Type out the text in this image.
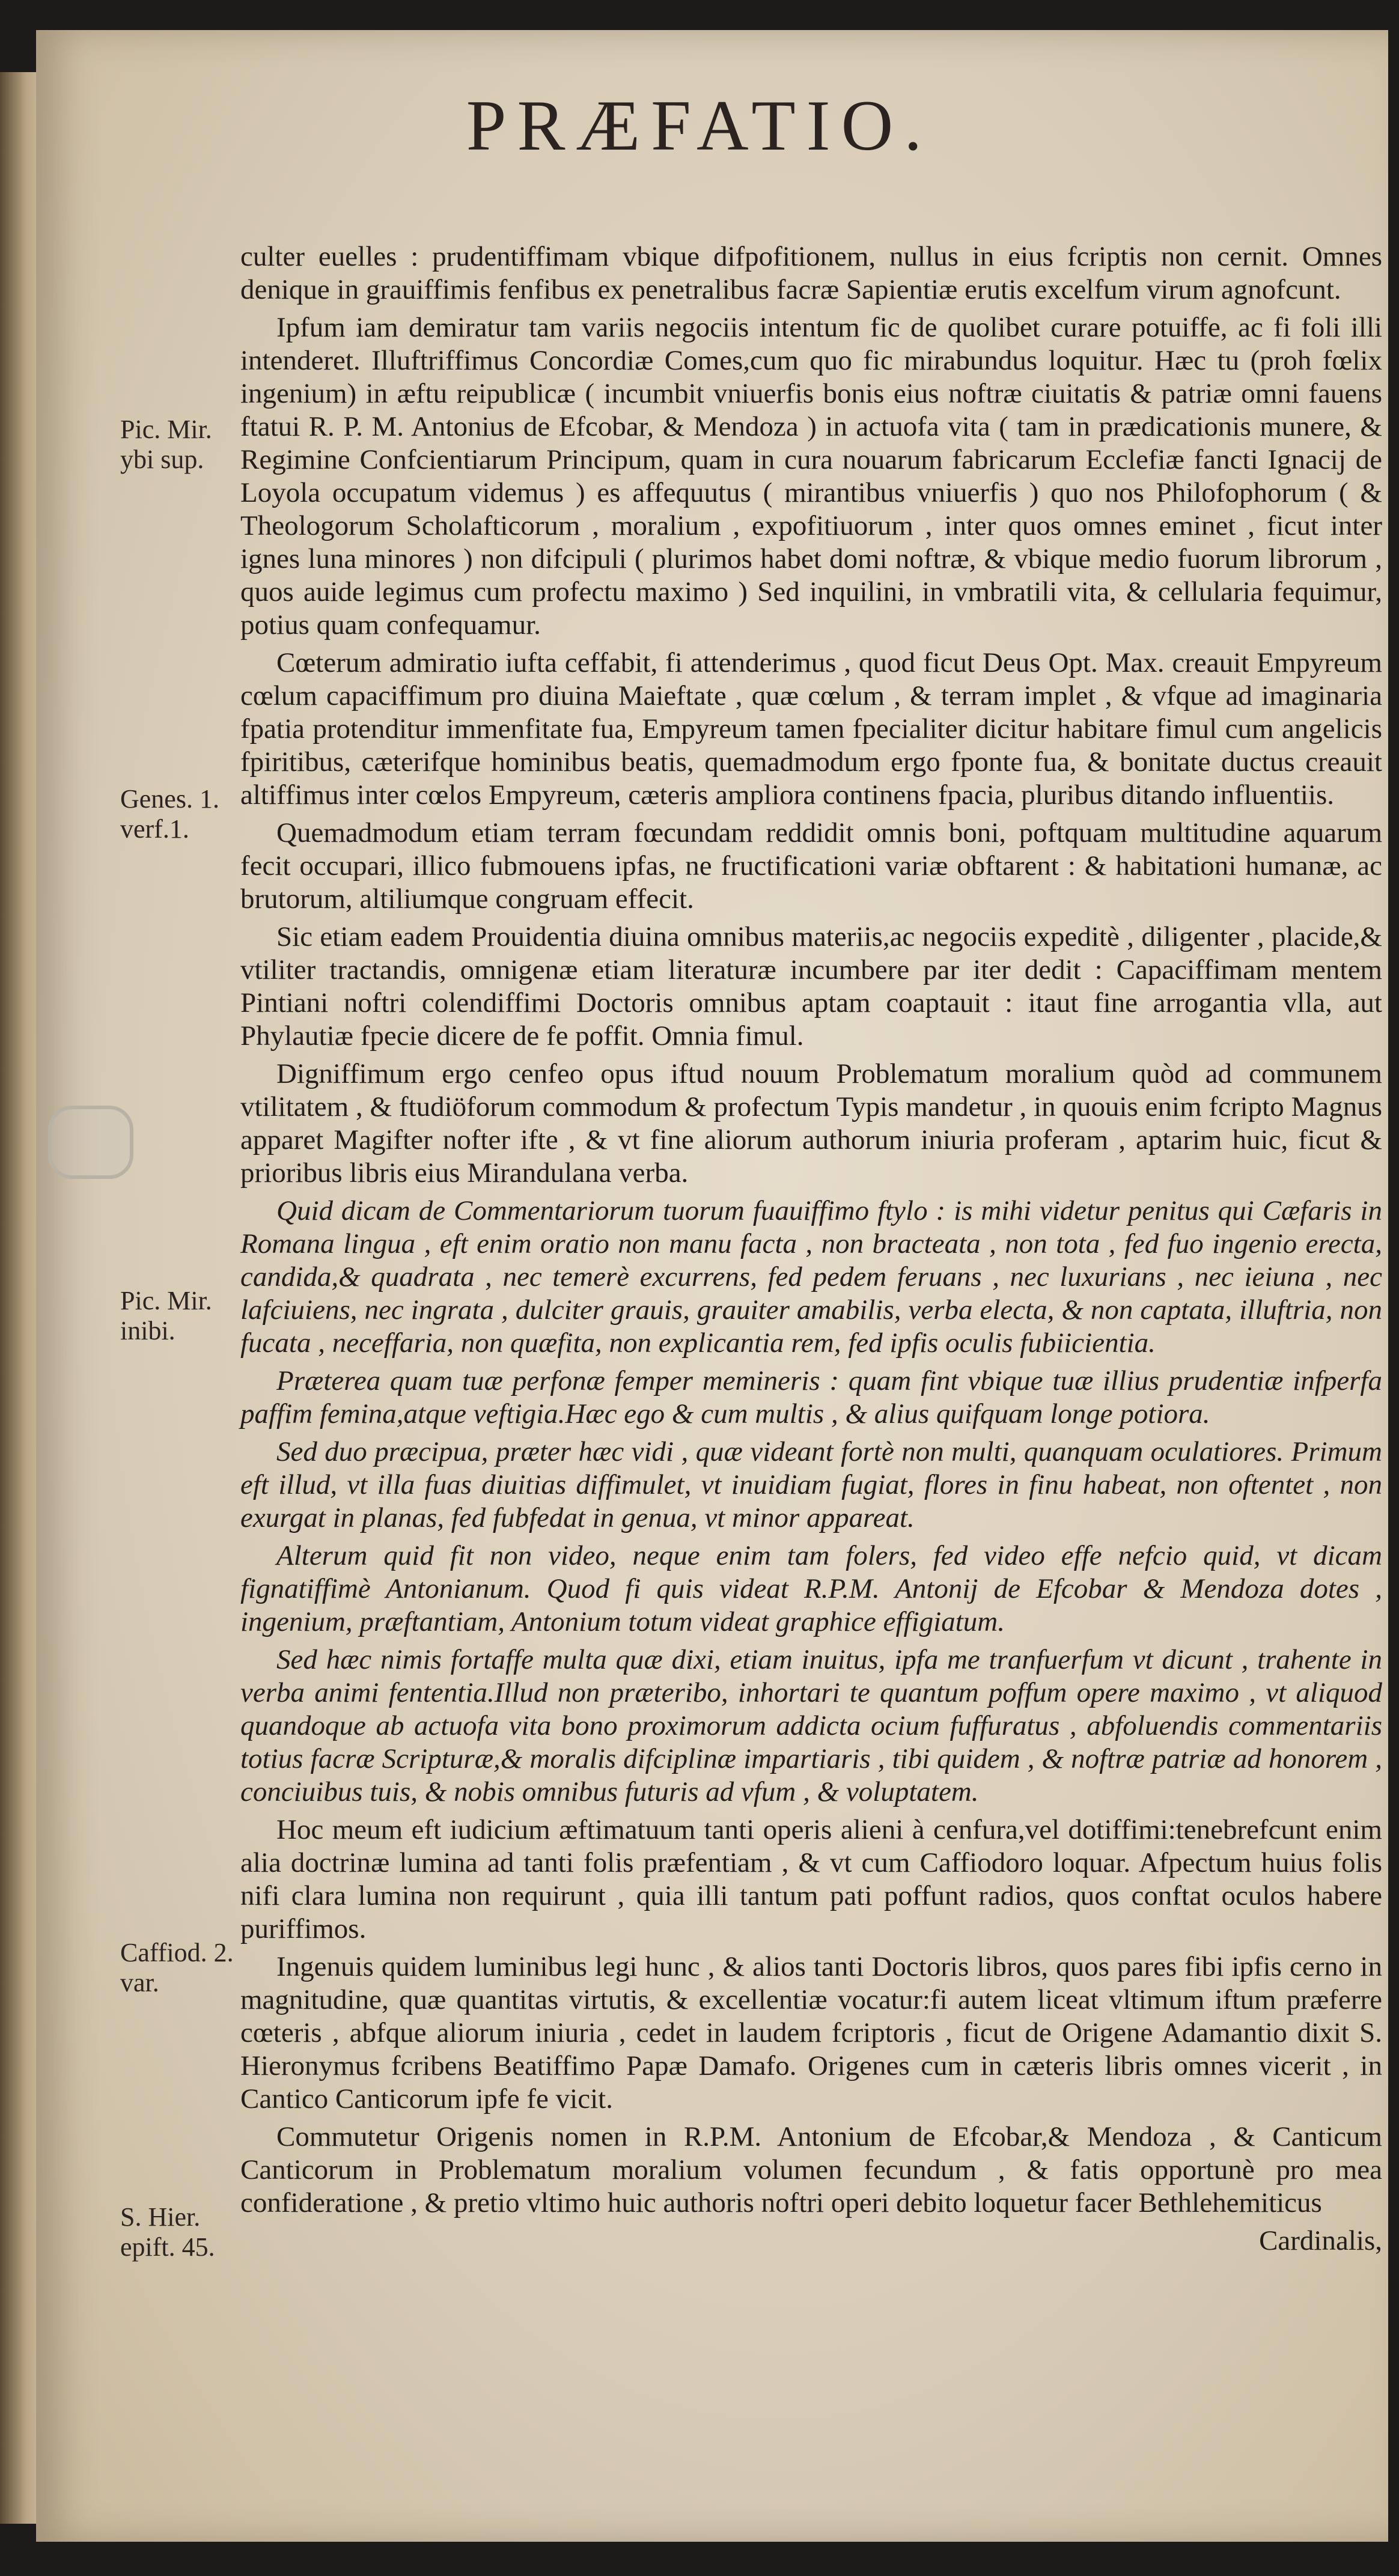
PRÆFATIO.
Pic. Mir. ybi sup.
Genes. 1. verf.1.
Pic. Mir. inibi.
Caffiod. 2. var.
S. Hier. epift. 45.

culter euelles : prudentiffimam vbique difpofitionem, nullus in eius fcriptis non cernit. Omnes denique in grauiffimis fenfibus ex penetralibus facræ Sapientiæ erutis excelfum virum agnofcunt.

Ipfum iam demiratur tam variis negociis intentum fic de quolibet curare potuiffe, ac fi foli illi intenderet. Illuftriffimus Concordiæ Comes,cum quo fic mirabundus loquitur. Hæc tu (proh fœlix ingenium) in æftu reipublicæ ( incumbit vniuerfis bonis eius noftræ ciuitatis & patriæ omni fauens ftatui R. P. M. Antonius de Efcobar, & Mendoza ) in actuofa vita ( tam in prædicationis munere, & Regimine Confcientiarum Principum, quam in cura nouarum fabricarum Ecclefiæ fancti Ignacij de Loyola occupatum videmus ) es affequutus ( mirantibus vniuerfis ) quo nos Philofophorum ( & Theologorum Scholafticorum , moralium , expofitiuorum , inter quos omnes eminet , ficut inter ignes luna minores ) non difcipuli ( plurimos habet domi noftræ, & vbique medio fuorum librorum , quos auide legimus cum profectu maximo ) Sed inquilini, in vmbratili vita, & cellularia fequimur, potius quam confequamur.

Cœterum admiratio iufta ceffabit, fi attenderimus , quod ficut Deus Opt. Max. creauit Empyreum cœlum capaciffimum pro diuina Maieftate , quæ cœlum , & terram implet , & vfque ad imaginaria fpatia protenditur immenfitate fua, Empyreum tamen fpecialiter dicitur habitare fimul cum angelicis fpiritibus, cæterifque hominibus beatis, quemadmodum ergo fponte fua, & bonitate ductus creauit altiffimus inter cœlos Empyreum, cæteris ampliora continens fpacia, pluribus ditando influentiis.

Quemadmodum etiam terram fœcundam reddidit omnis boni, poftquam multitudine aquarum fecit occupari, illico fubmouens ipfas, ne fructificationi variæ obftarent : & habitationi humanæ, ac brutorum, altiliumque congruam effecit.

Sic etiam eadem Prouidentia diuina omnibus materiis,ac negociis expeditè , diligenter , placide,& vtiliter tractandis, omnigenæ etiam literaturæ incumbere par iter dedit : Capaciffimam mentem Pintiani noftri colendiffimi Doctoris omnibus aptam coaptauit : itaut fine arrogantia vlla, aut Phylautiæ fpecie dicere de fe poffit. Omnia fimul.

Digniffimum ergo cenfeo opus iftud nouum Problematum moralium quòd ad communem vtilitatem , & ftudiöforum commodum & profectum Typis mandetur , in quouis enim fcripto Magnus apparet Magifter nofter ifte , & vt fine aliorum authorum iniuria proferam , aptarim huic, ficut & prioribus libris eius Mirandulana verba.

Quid dicam de Commentariorum tuorum fuauiffimo ftylo : is mihi videtur penitus qui Cæfaris in Romana lingua , eft enim oratio non manu facta , non bracteata , non tota , fed fuo ingenio erecta, candida,& quadrata , nec temerè excurrens, fed pedem feruans , nec luxurians , nec ieiuna , nec lafciuiens, nec ingrata , dulciter grauis, grauiter amabilis, verba electa, & non captata, illuftria, non fucata , neceffaria, non quæfita, non explicantia rem, fed ipfis oculis fubiicientia.

Præterea quam tuæ perfonæ femper memineris : quam fint vbique tuæ illius prudentiæ infperfa paffim femina,atque veftigia.Hæc ego & cum multis , & alius quifquam longe potiora.

Sed duo præcipua, præter hæc vidi , quæ videant fortè non multi, quanquam oculatiores. Primum eft illud, vt illa fuas diuitias diffimulet, vt inuidiam fugiat, flores in finu habeat, non oftentet , non exurgat in planas, fed fubfedat in genua, vt minor appareat.

Alterum quid fit non video, neque enim tam folers, fed video effe nefcio quid, vt dicam fignatiffimè Antonianum. Quod fi quis videat R.P.M. Antonij de Efcobar & Mendoza dotes , ingenium, præftantiam, Antonium totum videat graphice effigiatum.

Sed hæc nimis fortaffe multa quæ dixi, etiam inuitus, ipfa me tranfuerfum vt dicunt , trahente in verba animi fententia.Illud non præteribo, inhortari te quantum poffum opere maximo , vt aliquod quandoque ab actuofa vita bono proximorum addicta ocium fuffuratus , abfoluendis commentariis totius facræ Scripturæ,& moralis difciplinæ impartiaris , tibi quidem , & noftræ patriæ ad honorem , conciuibus tuis, & nobis omnibus futuris ad vfum , & voluptatem.

Hoc meum eft iudicium æftimatuum tanti operis alieni à cenfura,vel dotiffimi:tenebrefcunt enim alia doctrinæ lumina ad tanti folis præfentiam , & vt cum Caffiodoro loquar. Afpectum huius folis nifi clara lumina non requirunt , quia illi tantum pati poffunt radios, quos conftat oculos habere puriffimos.

Ingenuis quidem luminibus legi hunc , & alios tanti Doctoris libros, quos pares fibi ipfis cerno in magnitudine, quæ quantitas virtutis, & excellentiæ vocatur:fi autem liceat vltimum iftum præferre cœteris , abfque aliorum iniuria , cedet in laudem fcriptoris , ficut de Origene Adamantio dixit S. Hieronymus fcribens Beatiffimo Papæ Damafo. Origenes cum in cæteris libris omnes vicerit , in Cantico Canticorum ipfe fe vicit.

Commutetur Origenis nomen in R.P.M. Antonium de Efcobar,& Mendoza , & Canticum Canticorum in Problematum moralium volumen fecundum , & fatis opportunè pro mea confideratione , & pretio vltimo huic authoris noftri operi debito loquetur facer Bethlehemiticus

Cardinalis,
